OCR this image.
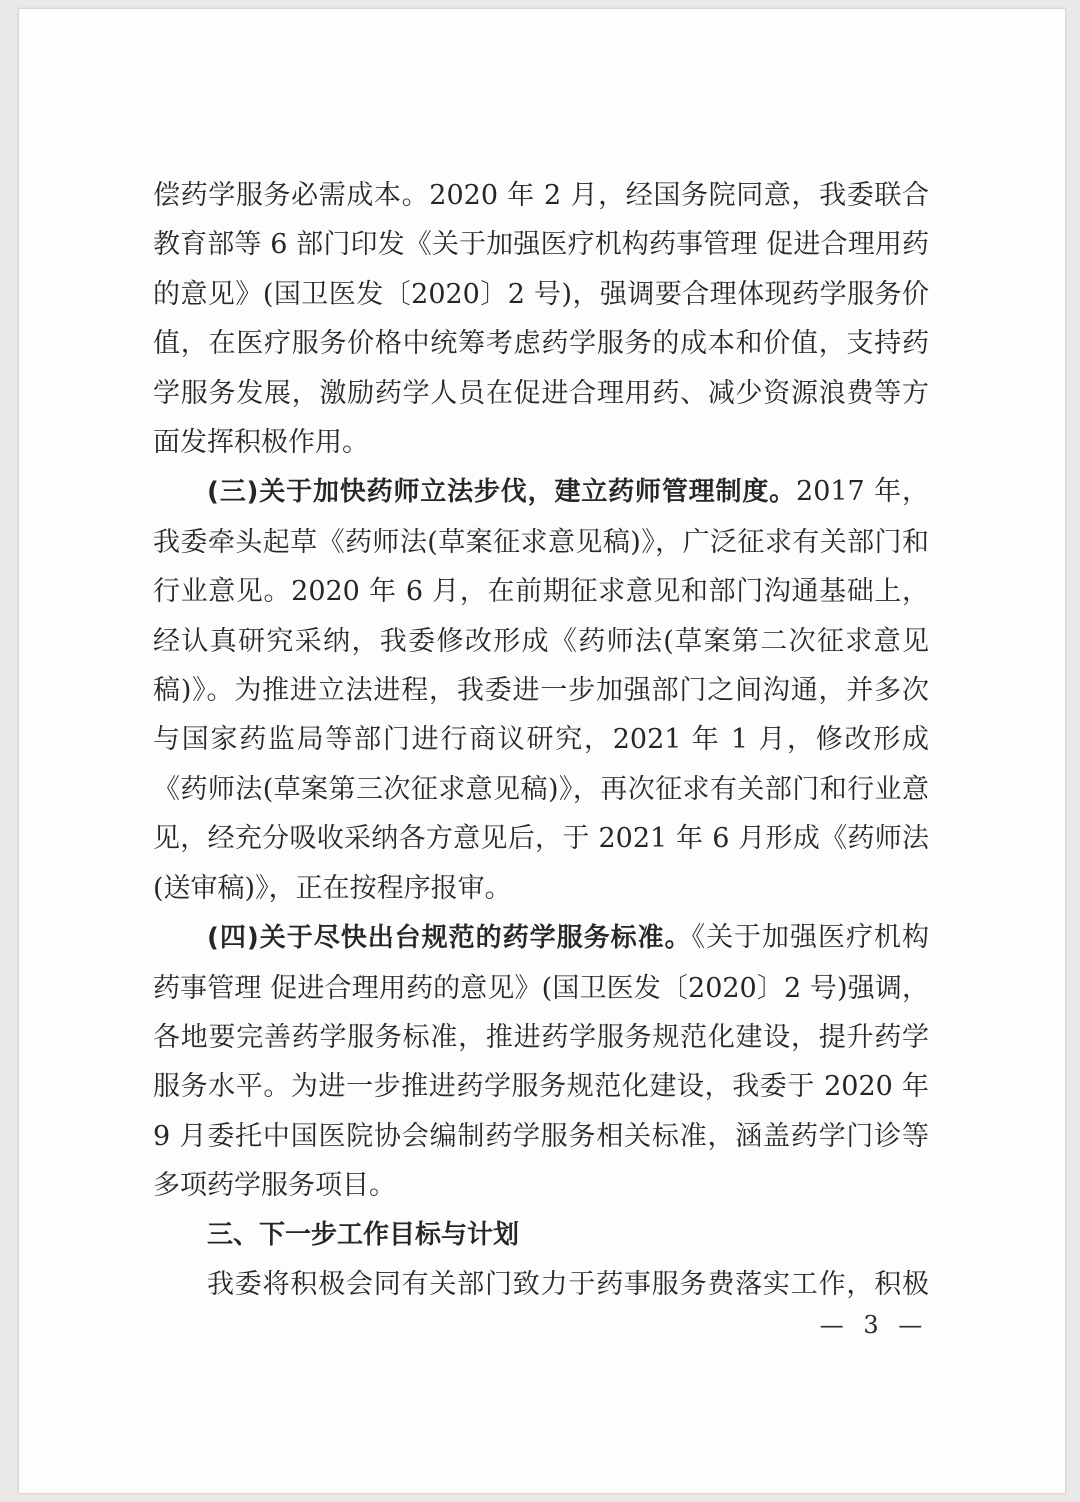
偿药学服务必需成本。2020 年 2 月，经国务院同意，我委联合教育部等 6 部门印发《关于加强医疗机构药事管理 促进合理用药的意见》(国卫医发〔2020〕2 号)，强调要合理体现药学服务价值，在医疗服务价格中统筹考虑药学服务的成本和价值，支持药学服务发展，激励药学人员在促进合理用药、减少资源浪费等方面发挥积极作用。

(三)关于加快药师立法步伐，建立药师管理制度。2017 年，我委牵头起草《药师法(草案征求意见稿)》，广泛征求有关部门和行业意见。2020 年 6 月，在前期征求意见和部门沟通基础上，经认真研究采纳，我委修改形成《药师法(草案第二次征求意见稿)》。为推进立法进程，我委进一步加强部门之间沟通，并多次与国家药监局等部门进行商议研究，2021 年 1 月，修改形成《药师法(草案第三次征求意见稿)》，再次征求有关部门和行业意见，经充分吸收采纳各方意见后，于 2021 年 6 月形成《药师法(送审稿)》，正在按程序报审。

(四)关于尽快出台规范的药学服务标准。《关于加强医疗机构药事管理 促进合理用药的意见》(国卫医发〔2020〕2 号)强调，各地要完善药学服务标准，推进药学服务规范化建设，提升药学服务水平。为进一步推进药学服务规范化建设，我委于 2020 年 9 月委托中国医院协会编制药学服务相关标准，涵盖药学门诊等多项药学服务项目。

三、下一步工作目标与计划

我委将积极会同有关部门致力于药事服务费落实工作，积极

— 3 —
